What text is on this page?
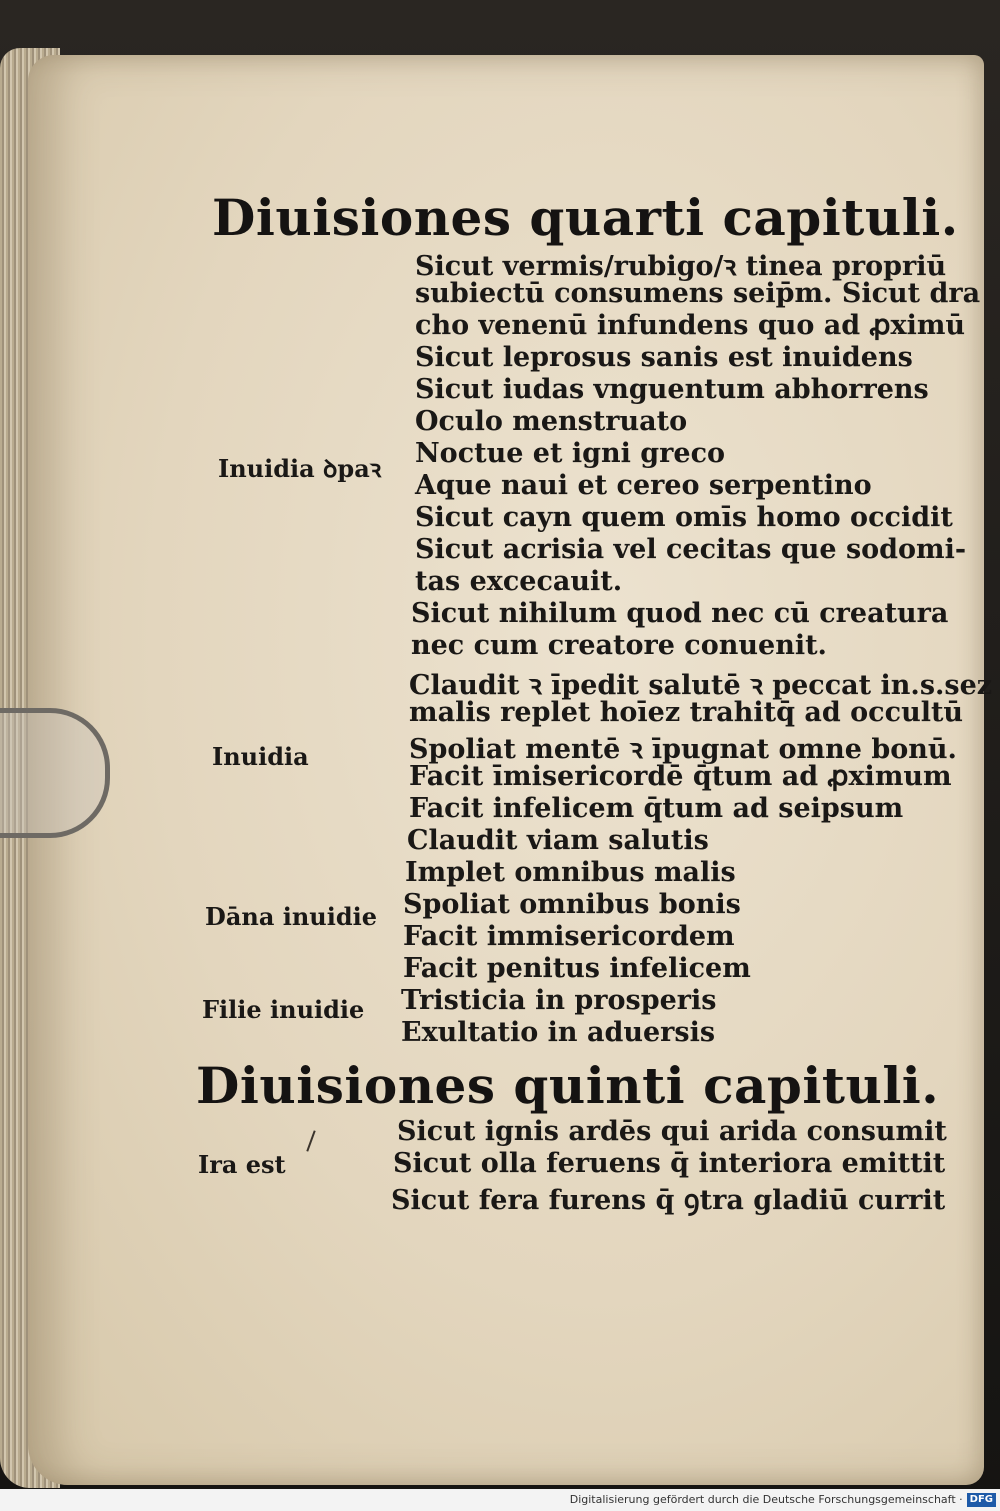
Diuisiones quarti capituli.
Sicut vermis/rubigo/ꝛ tinea propriū
subiectū consumens seip̄m. Sicut dra
cho venenū infundens quo ad ꝓximū
Sicut leprosus sanis est inuidens
Sicut iudas vnguentum abhorrens
Oculo menstruato
Noctue et igni greco
Aque naui et cereo serpentino
Sicut cayn quem omīs homo occidit
Sicut acrisia vel cecitas que sodomi-
tas excecauit.
Sicut nihilum quod nec cū creatura
nec cum creatore conuenit.
Claudit ꝛ īpedit salutē ꝛ peccat in.s.sez
malis replet hoīez trahitq̄ ad occultū
Spoliat mentē ꝛ īpugnat omne bonū.
Facit īmisericordē q̄tum ad ꝓximum
Facit infelicem q̄tum ad seipsum
Claudit viam salutis
Implet omnibus malis
Spoliat omnibus bonis
Facit immisericordem
Facit penitus infelicem
Tristicia in prosperis
Exultatio in aduersis
Inuidia ꝺpaꝛ
Inuidia
Dāna inuidie
Filie inuidie
Diuisiones quinti capituli.
Sicut ignis ardēs qui arida consumit
Sicut olla feruens q̄ interiora emittit
Sicut fera furens q̄ ꝯtra gladiū currit
Ira est
Digitalisierung gefördert durch die Deutsche Forschungsgemeinschaft · DFG
